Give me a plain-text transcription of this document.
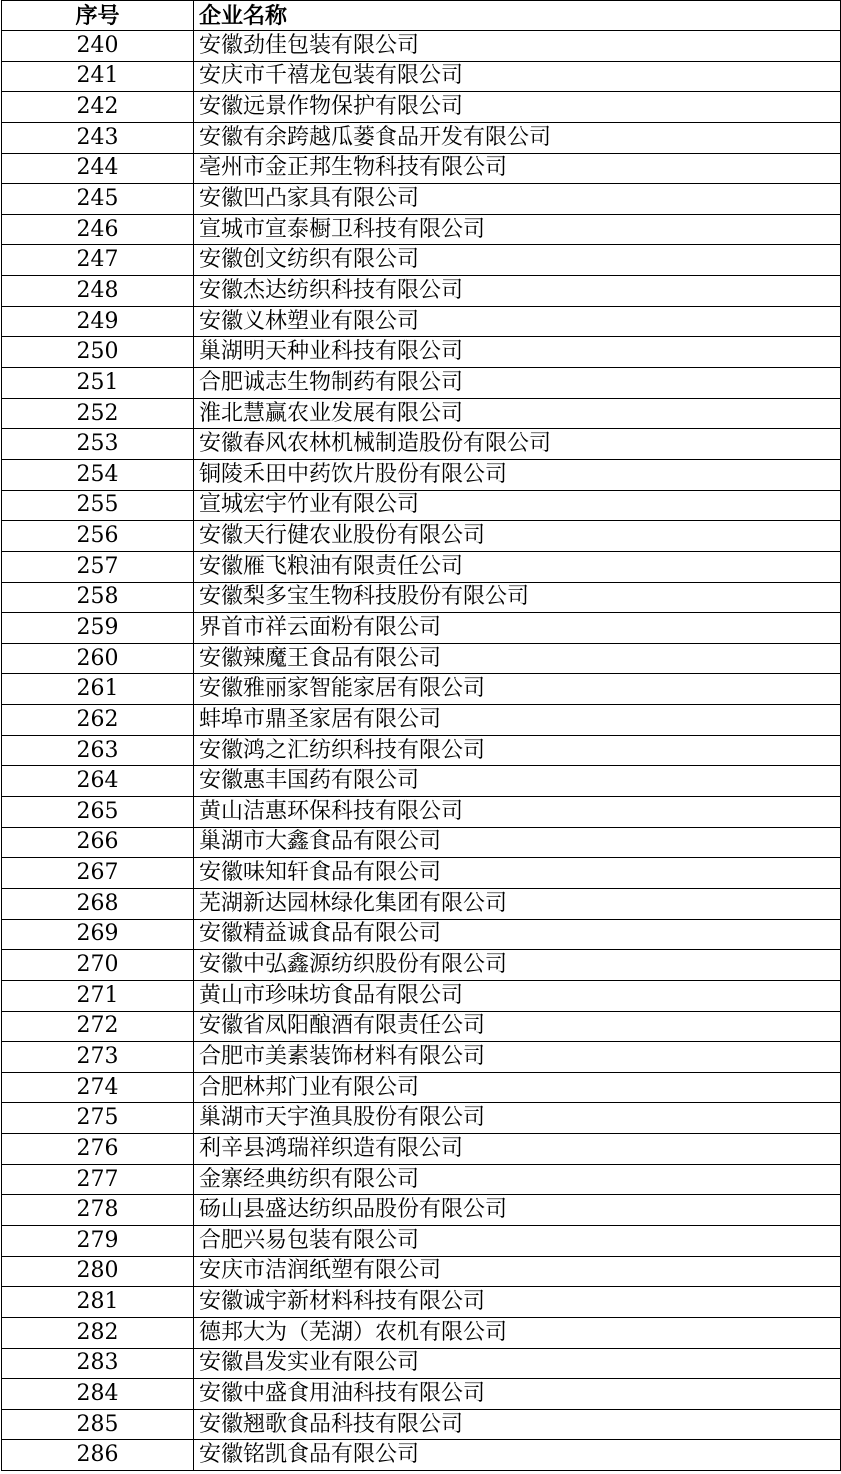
序号	企业名称
240	安徽劲佳包装有限公司
241	安庆市千禧龙包装有限公司
242	安徽远景作物保护有限公司
243	安徽有余跨越瓜蒌食品开发有限公司
244	亳州市金正邦生物科技有限公司
245	安徽凹凸家具有限公司
246	宣城市宣泰橱卫科技有限公司
247	安徽创文纺织有限公司
248	安徽杰达纺织科技有限公司
249	安徽义林塑业有限公司
250	巢湖明天种业科技有限公司
251	合肥诚志生物制药有限公司
252	淮北慧赢农业发展有限公司
253	安徽春风农林机械制造股份有限公司
254	铜陵禾田中药饮片股份有限公司
255	宣城宏宇竹业有限公司
256	安徽天行健农业股份有限公司
257	安徽雁飞粮油有限责任公司
258	安徽梨多宝生物科技股份有限公司
259	界首市祥云面粉有限公司
260	安徽辣魔王食品有限公司
261	安徽雅丽家智能家居有限公司
262	蚌埠市鼎圣家居有限公司
263	安徽鸿之汇纺织科技有限公司
264	安徽惠丰国药有限公司
265	黄山洁惠环保科技有限公司
266	巢湖市大鑫食品有限公司
267	安徽味知轩食品有限公司
268	芜湖新达园林绿化集团有限公司
269	安徽精益诚食品有限公司
270	安徽中弘鑫源纺织股份有限公司
271	黄山市珍味坊食品有限公司
272	安徽省凤阳酿酒有限责任公司
273	合肥市美素装饰材料有限公司
274	合肥林邦门业有限公司
275	巢湖市天宇渔具股份有限公司
276	利辛县鸿瑞祥织造有限公司
277	金寨经典纺织有限公司
278	砀山县盛达纺织品股份有限公司
279	合肥兴易包装有限公司
280	安庆市洁润纸塑有限公司
281	安徽诚宇新材料科技有限公司
282	德邦大为（芜湖）农机有限公司
283	安徽昌发实业有限公司
284	安徽中盛食用油科技有限公司
285	安徽翘歌食品科技有限公司
286	安徽铭凯食品有限公司
